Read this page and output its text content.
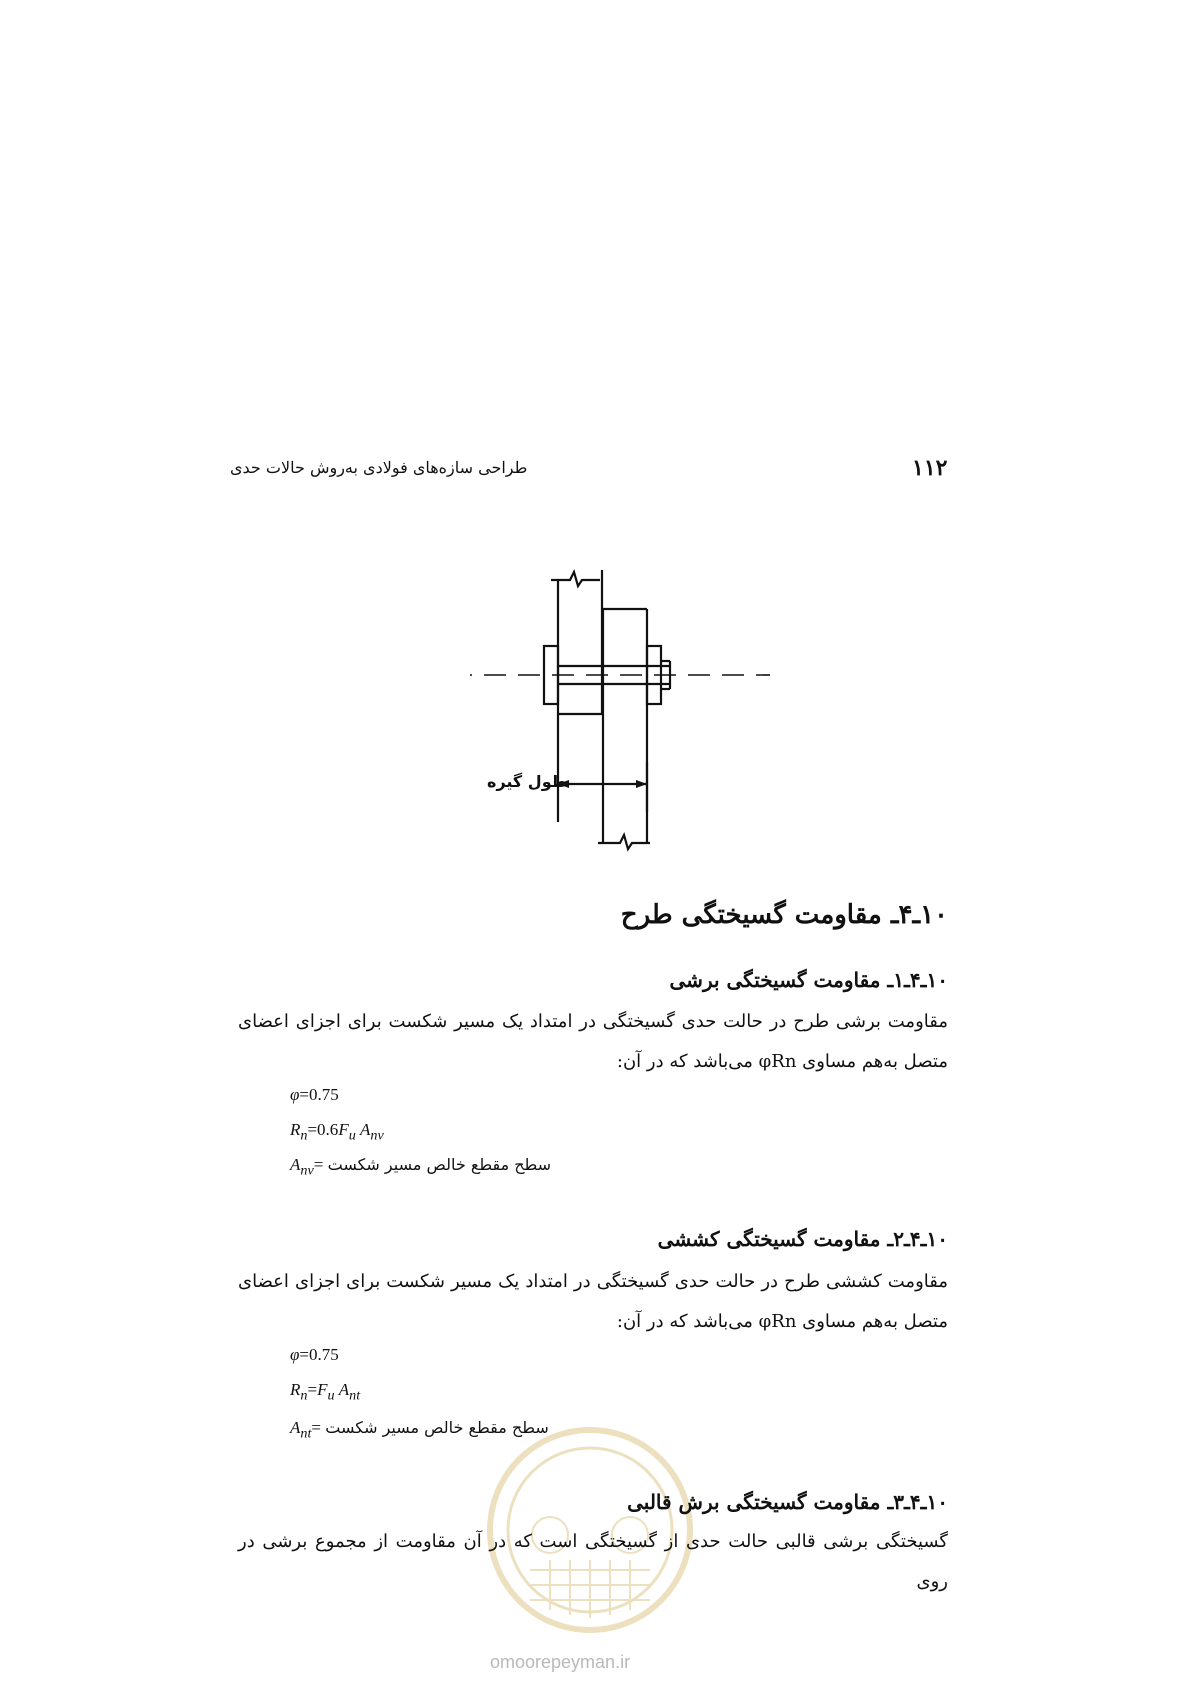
۱۱۲
طراحی سازه‌های فولادی به‌روش حالات حدی
طول گیره
۱۰ـ۴ـ مقاومت گسیختگی طرح
۱۰ـ۴ـ۱ـ مقاومت گسیختگی برشی
مقاومت برشی طرح در حالت حدی گسیختگی در امتداد یک مسیر شکست برای اجزای اعضای متصل به‌هم مساوی φRn می‌باشد که در آن:
φ=0.75
$R_n=0.6F_u$ $A_{nv}$
$A_{nv}=$ سطح مقطع خالص مسیر شکست
۱۰ـ۴ـ۲ـ مقاومت گسیختگی کششی
مقاومت کششی طرح در حالت حدی گسیختگی در امتداد یک مسیر شکست برای اجزای اعضای متصل به‌هم مساوی φRn می‌باشد که در آن:
φ=0.75
$R_n=F_u$ $A_{nt}$
$A_{nt}=$ سطح مقطع خالص مسیر شکست
omoorepeyman.ir
۱۰ـ۴ـ۳ـ مقاومت گسیختگی برش قالبی
گسیختگی برشی قالبی حالت حدی از گسیختگی است که در آن مقاومت از مجموع برشی در روی
